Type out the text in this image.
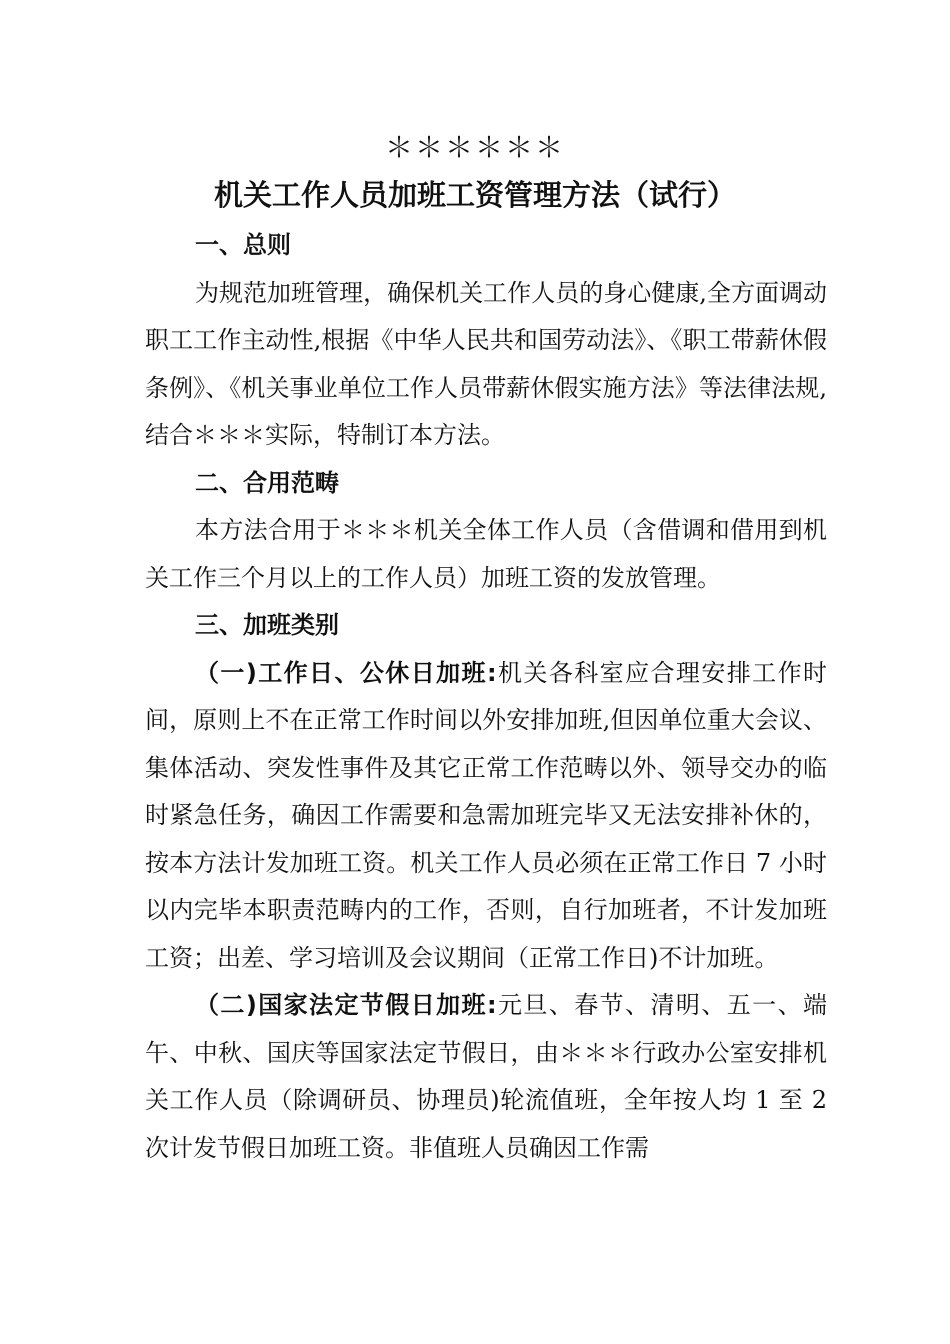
＊＊＊＊＊＊
机关工作人员加班工资管理方法（试行）

一、总则

为规范加班管理，确保机关工作人员的身心健康,全方面调动职工工作主动性,根据《中华人民共和国劳动法》、《职工带薪休假条例》、《机关事业单位工作人员带薪休假实施方法》等法律法规,结合＊＊＊实际，特制订本方法。

二、合用范畴

本方法合用于＊＊＊机关全体工作人员（含借调和借用到机关工作三个月以上的工作人员）加班工资的发放管理。

三、加班类别

（一)工作日、公休日加班:机关各科室应合理安排工作时间，原则上不在正常工作时间以外安排加班,但因单位重大会议、集体活动、突发性事件及其它正常工作范畴以外、领导交办的临时紧急任务，确因工作需要和急需加班完毕又无法安排补休的，按本方法计发加班工资。机关工作人员必须在正常工作日 7 小时以内完毕本职责范畴内的工作，否则，自行加班者，不计发加班工资；出差、学习培训及会议期间（正常工作日)不计加班。

（二)国家法定节假日加班:元旦、春节、清明、五一、端午、中秋、国庆等国家法定节假日，由＊＊＊行政办公室安排机关工作人员（除调研员、协理员)轮流值班，全年按人均 1 至 2 次计发节假日加班工资。非值班人员确因工作需
